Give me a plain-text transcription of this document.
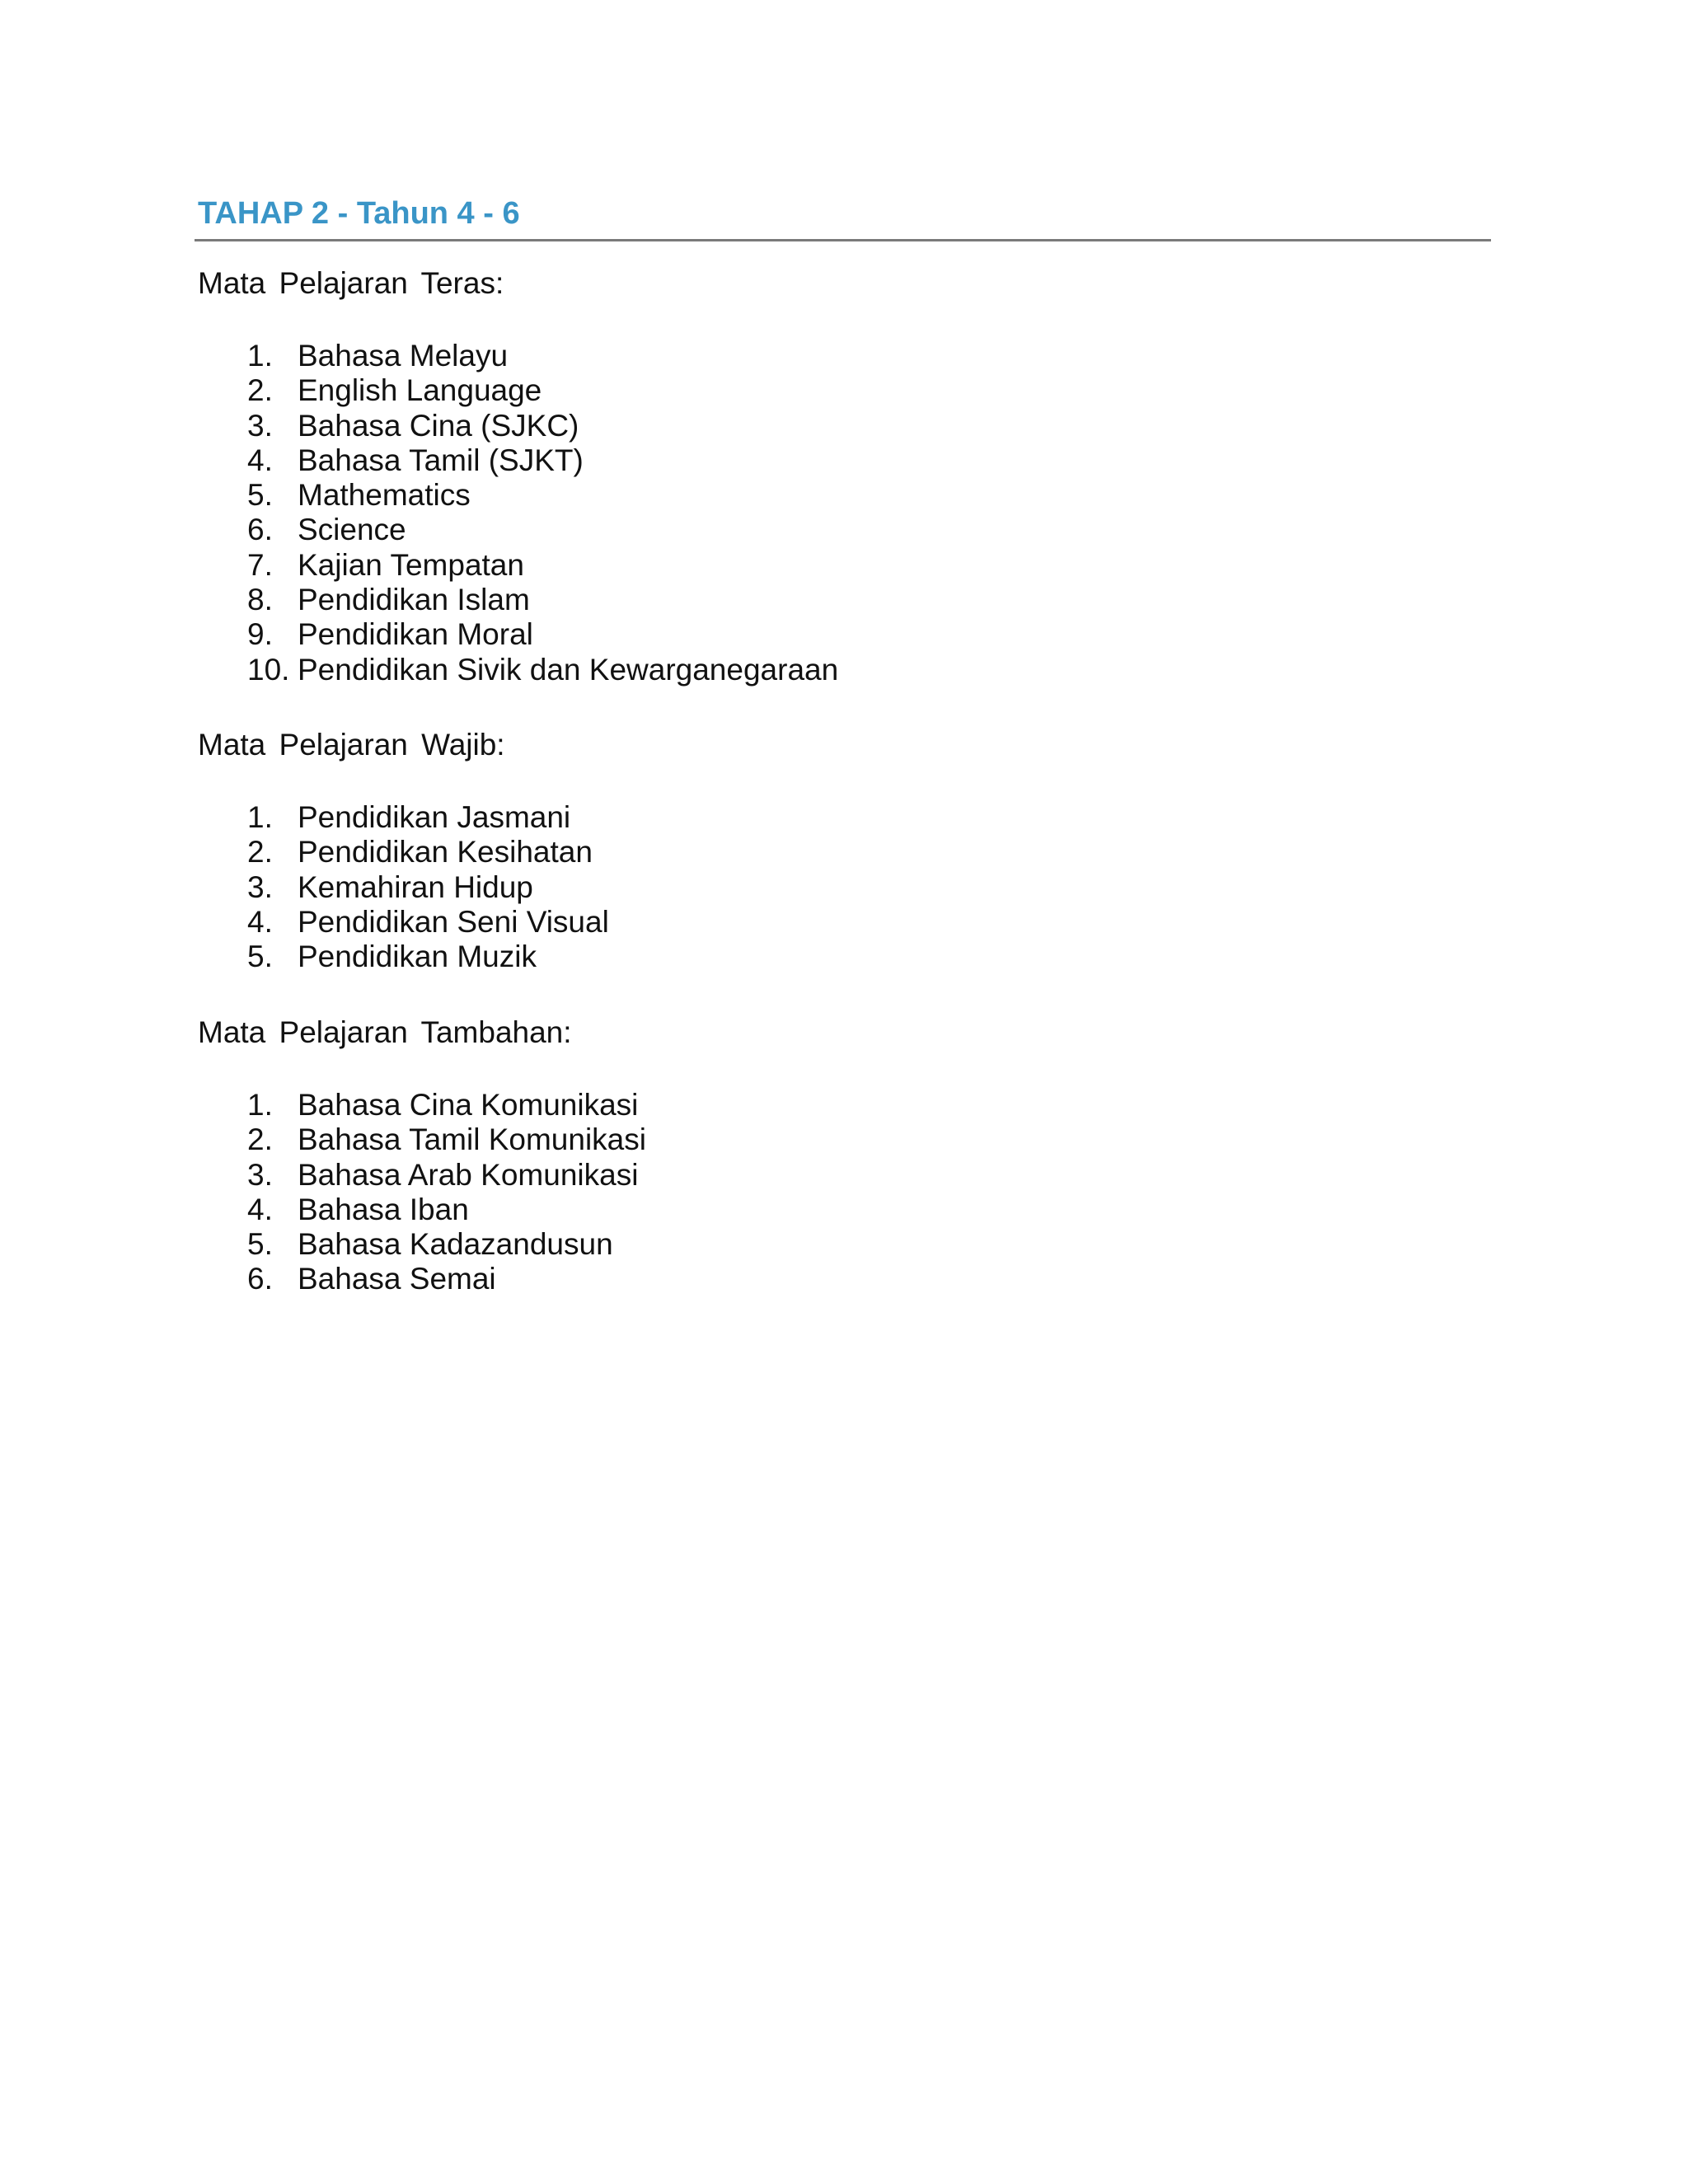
TAHAP 2 - Tahun 4 - 6

Mata Pelajaran Teras:

1. Bahasa Melayu
2. English Language
3. Bahasa Cina (SJKC)
4. Bahasa Tamil (SJKT)
5. Mathematics
6. Science
7. Kajian Tempatan
8. Pendidikan Islam
9. Pendidikan Moral
10. Pendidikan Sivik dan Kewarganegaraan

Mata Pelajaran Wajib:

1. Pendidikan Jasmani
2. Pendidikan Kesihatan
3. Kemahiran Hidup
4. Pendidikan Seni Visual
5. Pendidikan Muzik

Mata Pelajaran Tambahan:

1. Bahasa Cina Komunikasi
2. Bahasa Tamil Komunikasi
3. Bahasa Arab Komunikasi
4. Bahasa Iban
5. Bahasa Kadazandusun
6. Bahasa Semai
